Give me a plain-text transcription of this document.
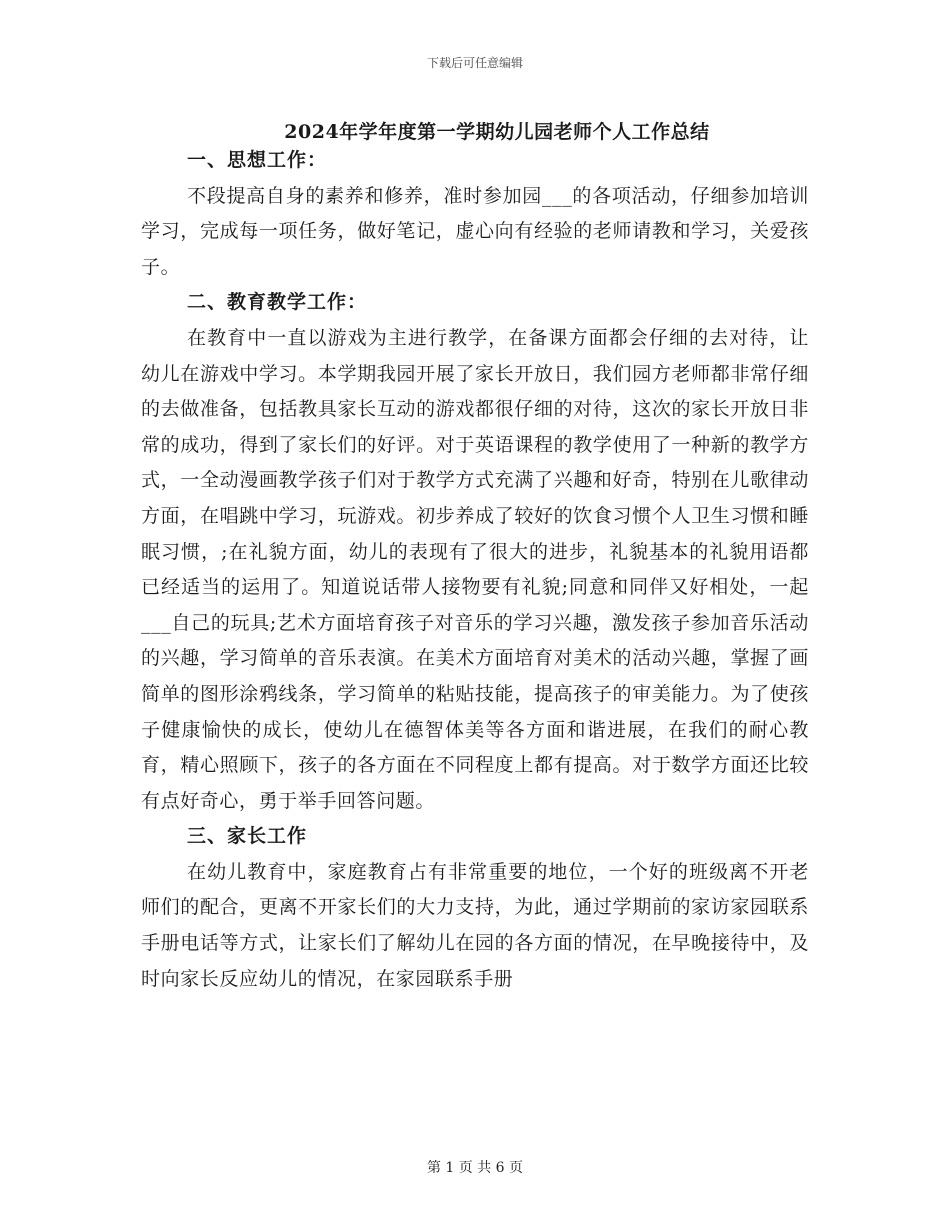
下载后可任意编辑
2024年学年度第一学期幼儿园老师个人工作总结

一、思想工作：

不段提高自身的素养和修养，准时参加园___的各项活动，仔细参加培训学习，完成每一项任务，做好笔记，虚心向有经验的老师请教和学习，关爱孩子。

二、教育教学工作：

在教育中一直以游戏为主进行教学，在备课方面都会仔细的去对待，让幼儿在游戏中学习。本学期我园开展了家长开放日，我们园方老师都非常仔细的去做准备，包括教具家长互动的游戏都很仔细的对待，这次的家长开放日非常的成功，得到了家长们的好评。对于英语课程的教学使用了一种新的教学方式，一全动漫画教学孩子们对于教学方式充满了兴趣和好奇，特别在儿歌律动方面，在唱跳中学习，玩游戏。初步养成了较好的饮食习惯个人卫生习惯和睡眠习惯，;在礼貌方面，幼儿的表现有了很大的进步，礼貌基本的礼貌用语都已经适当的运用了。知道说话带人接物要有礼貌;同意和同伴又好相处，一起___自己的玩具;艺术方面培育孩子对音乐的学习兴趣，激发孩子参加音乐活动的兴趣，学习简单的音乐表演。在美术方面培育对美术的活动兴趣，掌握了画简单的图形涂鸦线条，学习简单的粘贴技能，提高孩子的审美能力。为了使孩子健康愉快的成长，使幼儿在德智体美等各方面和谐进展，在我们的耐心教育，精心照顾下，孩子的各方面在不同程度上都有提高。对于数学方面还比较有点好奇心，勇于举手回答问题。

三、家长工作

在幼儿教育中，家庭教育占有非常重要的地位，一个好的班级离不开老师们的配合，更离不开家长们的大力支持，为此，通过学期前的家访家园联系手册电话等方式，让家长们了解幼儿在园的各方面的情况，在早晚接待中，及时向家长反应幼儿的情况，在家园联系手册

第 1 页 共 6 页
